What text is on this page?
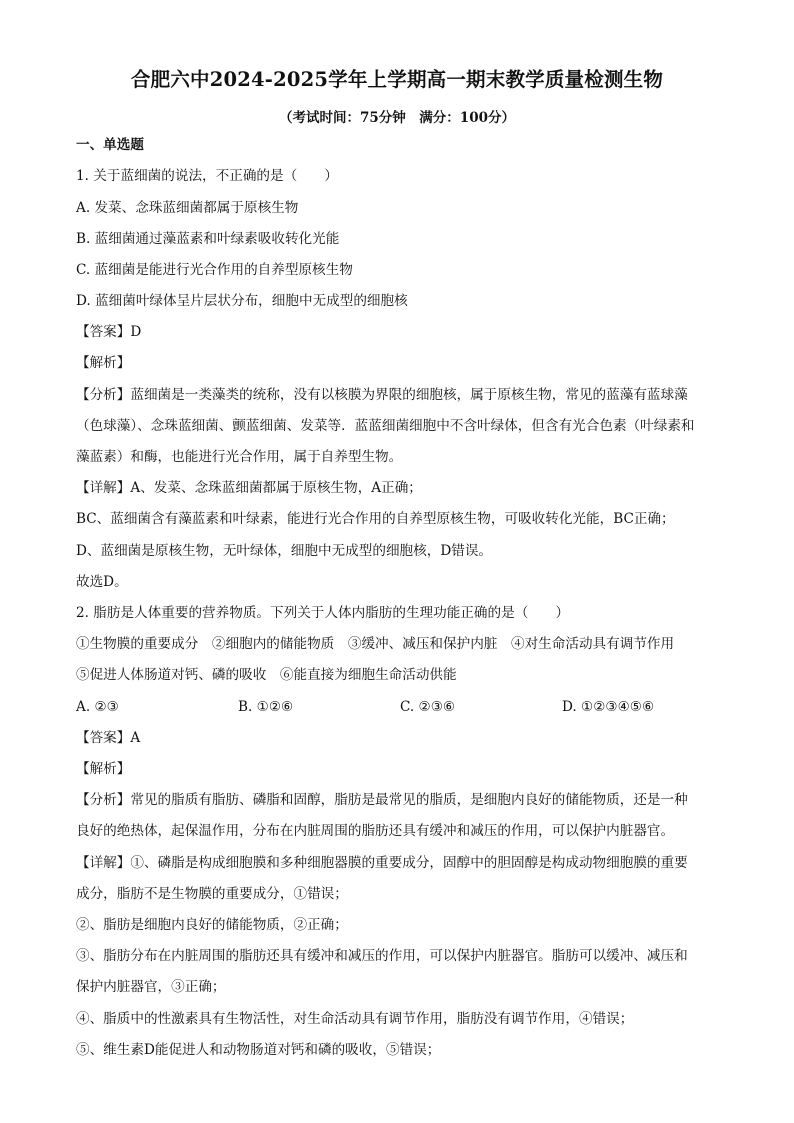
合肥六中2024-2025学年上学期高一期末教学质量检测生物
（考试时间：75分钟　满分：100分）
一、单选题
1. 关于蓝细菌的说法，不正确的是（　　）
A. 发菜、念珠蓝细菌都属于原核生物
B. 蓝细菌通过藻蓝素和叶绿素吸收转化光能
C. 蓝细菌是能进行光合作用的自养型原核生物
D. 蓝细菌叶绿体呈片层状分布，细胞中无成型的细胞核
【答案】D
【解析】
【分析】蓝细菌是一类藻类的统称，没有以核膜为界限的细胞核，属于原核生物，常见的蓝藻有蓝球藻
（色球藻）、念珠蓝细菌、颤蓝细菌、发菜等．蓝蓝细菌细胞中不含叶绿体，但含有光合色素（叶绿素和
藻蓝素）和酶，也能进行光合作用，属于自养型生物。
【详解】A、发菜、念珠蓝细菌都属于原核生物，A正确；
BC、蓝细菌含有藻蓝素和叶绿素，能进行光合作用的自养型原核生物，可吸收转化光能，BC正确；
D、蓝细菌是原核生物，无叶绿体，细胞中无成型的细胞核，D错误。
故选D。
2. 脂肪是人体重要的营养物质。下列关于人体内脂肪的生理功能正确的是（　　）
①生物膜的重要成分　②细胞内的储能物质　③缓冲、减压和保护内脏　④对生命活动具有调节作用
⑤促进人体肠道对钙、磷的吸收　⑥能直接为细胞生命活动供能
A. ②③	B. ①②⑥	C. ②③⑥	D. ①②③④⑤⑥
【答案】A
【解析】
【分析】常见的脂质有脂肪、磷脂和固醇，脂肪是最常见的脂质，是细胞内良好的储能物质，还是一种
良好的绝热体，起保温作用，分布在内脏周围的脂肪还具有缓冲和减压的作用，可以保护内脏器官。
【详解】①、磷脂是构成细胞膜和多种细胞器膜的重要成分，固醇中的胆固醇是构成动物细胞膜的重要
成分，脂肪不是生物膜的重要成分，①错误；
②、脂肪是细胞内良好的储能物质，②正确；
③、脂肪分布在内脏周围的脂肪还具有缓冲和减压的作用，可以保护内脏器官。脂肪可以缓冲、减压和
保护内脏器官，③正确；
④、脂质中的性激素具有生物活性，对生命活动具有调节作用，脂肪没有调节作用，④错误；
⑤、维生素D能促进人和动物肠道对钙和磷的吸收，⑤错误；
